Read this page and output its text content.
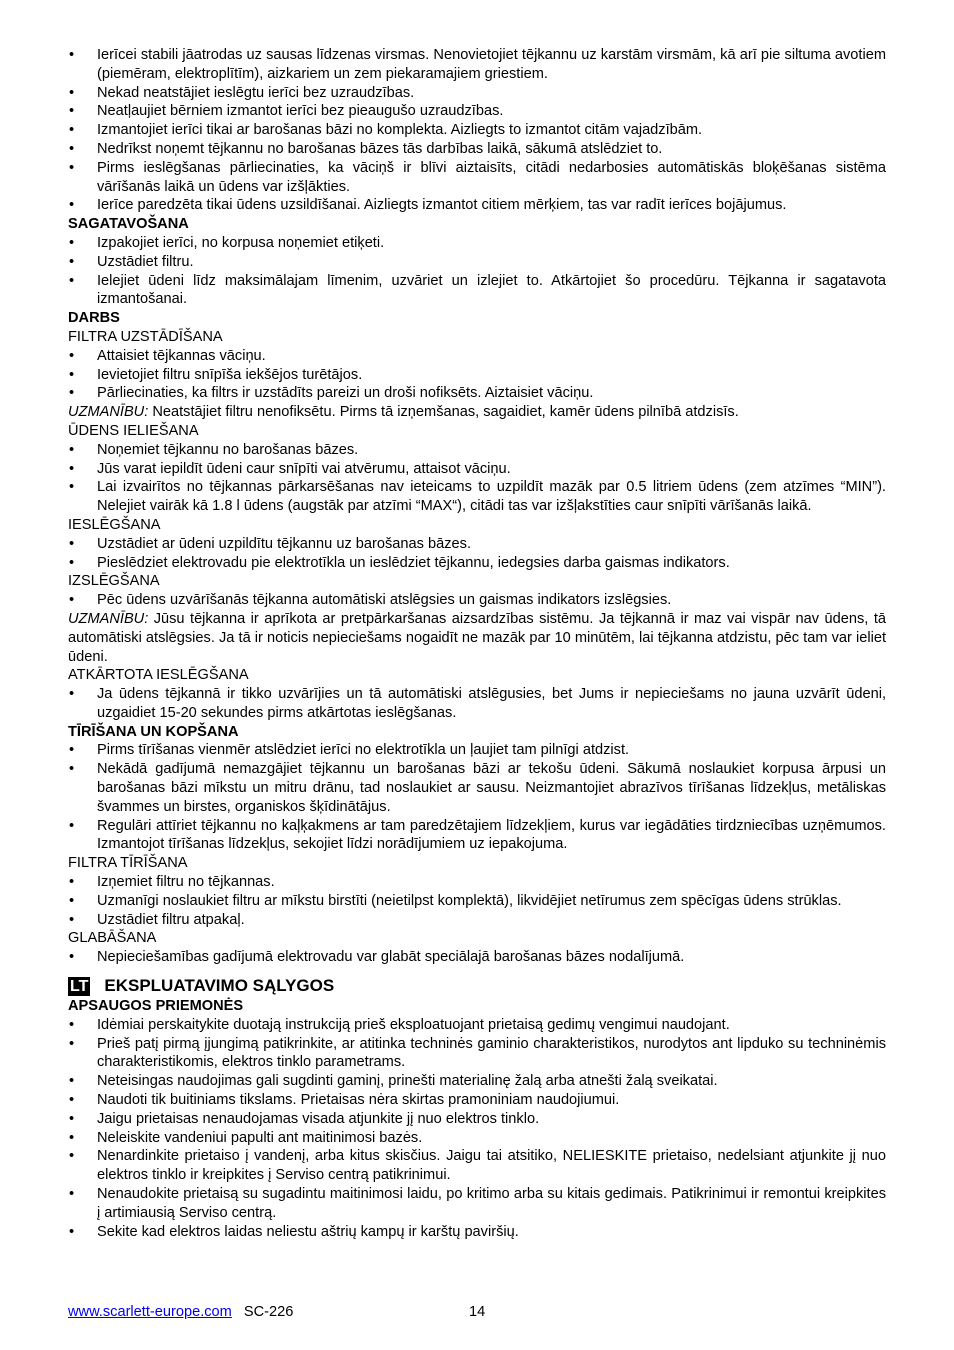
• Ierīcei stabili jāatrodas uz sausas līdzenas virsmas. Nenovietojiet tējkannu uz karstām virsmām, kā arī pie siltuma avotiem (piemēram, elektroplītīm), aizkariem un zem piekaramajiem griestiem.
• Nekad neatstājiet ieslēgtu ierīci bez uzraudzības.
• Neatļaujiet bērniem izmantot ierīci bez pieaugušo uzraudzības.
• Izmantojiet ierīci tikai ar barošanas bāzi no komplekta. Aizliegts to izmantot citām vajadzībām.
• Nedrīkst noņemt tējkannu no barošanas bāzes tās darbības laikā, sākumā atslēdziet to.
• Pirms ieslēgšanas pārliecinaties, ka vāciņš ir blīvi aiztaisīts, citādi nedarbosies automātiskās bloķēšanas sistēma vārīšanās laikā un ūdens var izšļākties.
• Ierīce paredzēta tikai ūdens uzsildīšanai. Aizliegts izmantot citiem mērķiem, tas var radīt ierīces bojājumus.
SAGATAVOŠANA
• Izpakojiet ierīci, no korpusa noņemiet etiķeti.
• Uzstādiet filtru.
• Ielejiet ūdeni līdz maksimālajam līmenim, uzvāriet un izlejiet to. Atkārtojiet šo procedūru. Tējkanna ir sagatavota izmantošanai.
DARBS
FILTRA UZSTĀDĪŠANA
• Attaisiet tējkannas vāciņu.
• Ievietojiet filtru snīpīša iekšējos turētājos.
• Pārliecinaties, ka filtrs ir uzstādīts pareizi un droši nofiksēts. Aiztaisiet vāciņu.

UZMANĪBU: Neatstājiet filtru nenofiksētu. Pirms tā izņemšanas, sagaidiet, kamēr ūdens pilnībā atdzisīs.

ŪDENS IELIEŠANA
• Noņemiet tējkannu no barošanas bāzes.
• Jūs varat iepildīt ūdeni caur snīpīti vai atvērumu, attaisot vāciņu.
• Lai izvairītos no tējkannas pārkarsēšanas nav ieteicams to uzpildīt mazāk par 0.5 litriem ūdens (zem atzīmes “MIN”). Nelejiet vairāk kā 1.8 l ūdens (augstāk par atzīmi “MAX“), citādi tas var izšļakstīties caur snīpīti vārīšanās laikā.
IESLĒGŠANA
• Uzstādiet ar ūdeni uzpildītu tējkannu uz barošanas bāzes.
• Pieslēdziet elektrovadu pie elektrotīkla un ieslēdziet tējkannu, iedegsies darba gaismas indikators.
IZSLĒGŠANA
• Pēc ūdens uzvārīšanās tējkanna automātiski atslēgsies un gaismas indikators izslēgsies.

UZMANĪBU: Jūsu tējkanna ir aprīkota ar pretpārkaršanas aizsardzības sistēmu. Ja tējkannā ir maz vai vispār nav ūdens, tā automātiski atslēgsies. Ja tā ir noticis nepieciešams nogaidīt ne mazāk par 10 minūtēm, lai tējkanna atdzistu, pēc tam var ieliet ūdeni.

ATKĀRTOTA IESLĒGŠANA
• Ja ūdens tējkannā ir tikko uzvārījies un tā automātiski atslēgusies, bet Jums ir nepieciešams no jauna uzvārīt ūdeni, uzgaidiet 15-20 sekundes pirms atkārtotas ieslēgšanas.
TĪRĪŠANA UN KOPŠANA
• Pirms tīrīšanas vienmēr atslēdziet ierīci no elektrotīkla un ļaujiet tam pilnīgi atdzist.
• Nekādā gadījumā nemazgājiet tējkannu un barošanas bāzi ar tekošu ūdeni. Sākumā noslaukiet korpusa ārpusi un barošanas bāzi mīkstu un mitru drānu, tad noslaukiet ar sausu. Neizmantojiet abrazīvos tīrīšanas līdzekļus, metāliskas švammes un birstes, organiskos šķīdinātājus.
• Regulāri attīriet tējkannu no kaļķakmens ar tam paredzētajiem līdzekļiem, kurus var iegādāties tirdzniecības uzņēmumos. Izmantojot tīrīšanas līdzekļus, sekojiet līdzi norādījumiem uz iepakojuma.
FILTRA TĪRĪŠANA
• Izņemiet filtru no tējkannas.
• Uzmanīgi noslaukiet filtru ar mīkstu birstīti (neietilpst komplektā), likvidējiet netīrumus zem spēcīgas ūdens strūklas.
• Uzstādiet filtru atpakaļ.
GLABĀŠANA
• Nepieciešamības gadījumā elektrovadu var glabāt speciālajā barošanas bāzes nodalījumā.
LT EKSPLUATAVIMO SĄLYGOS
APSAUGOS PRIEMONĖS
• Idėmiai perskaitykite duotają instrukciją prieš eksploatuojant prietaisą gedimų vengimui naudojant.
• Prieš patį pirmą įjungimą patikrinkite, ar atitinka techninės gaminio charakteristikos, nurodytos ant lipduko su techninėmis charakteristikomis, elektros tinklo parametrams.
• Neteisingas naudojimas gali sugdinti gaminį, prinešti materialinę žalą arba atnešti žalą sveikatai.
• Naudoti tik buitiniams tikslams. Prietaisas nėra skirtas pramoniniam naudojiumui.
• Jaigu prietaisas nenaudojamas visada atjunkite jį nuo elektros tinklo.
• Neleiskite vandeniui papulti ant maitinimosi bazės.
• Nenardinkite prietaiso į vandenį, arba kitus skisčius. Jaigu tai atsitiko, NELIESKITE prietaiso, nedelsiant atjunkite jį nuo elektros tinklo ir kreipkites į Serviso centrą patikrinimui.
• Nenaudokite prietaisą su sugadintu maitinimosi laidu, po kritimo arba su kitais gedimais. Patikrinimui ir remontui kreipkites į artimiausią Serviso centrą.
• Sekite kad elektros laidas neliestu aštrių kampų ir karštų paviršių.
www.scarlett-europe.com SC-226	14
